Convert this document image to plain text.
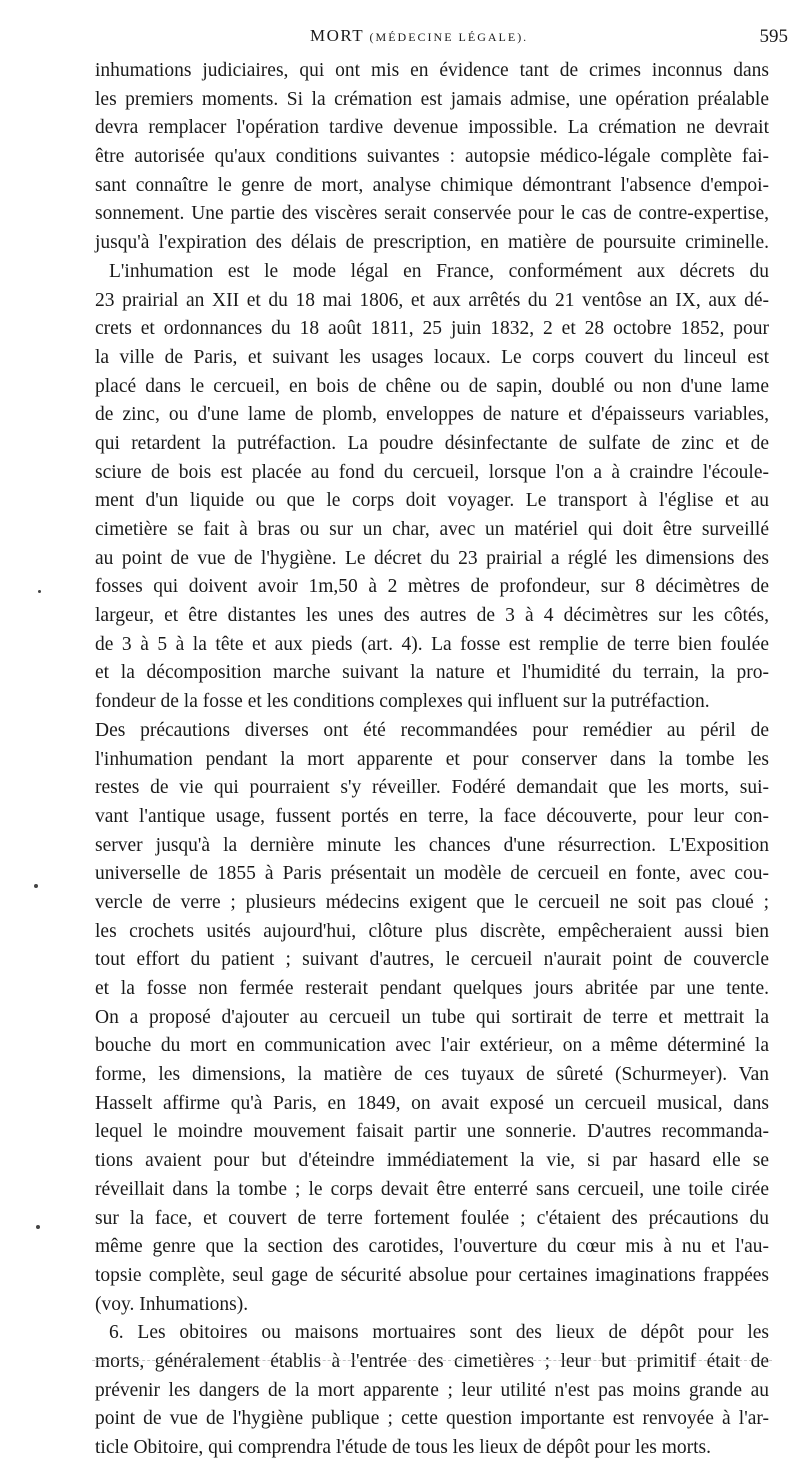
MORT (MÉDECINE LÉGALE).	595
inhumations judiciaires, qui ont mis en évidence tant de crimes inconnus dans
les premiers moments. Si la crémation est jamais admise, une opération préalable
devra remplacer l'opération tardive devenue impossible. La crémation ne devrait
être autorisée qu'aux conditions suivantes : autopsie médico-légale complète fai-
sant connaître le genre de mort, analyse chimique démontrant l'absence d'empoi-
sonnement. Une partie des viscères serait conservée pour le cas de contre-expertise,
jusqu'à l'expiration des délais de prescription, en matière de poursuite criminelle.
L'inhumation est le mode légal en France, conformément aux décrets du
23 prairial an XII et du 18 mai 1806, et aux arrêtés du 21 ventôse an IX, aux dé-
crets et ordonnances du 18 août 1811, 25 juin 1832, 2 et 28 octobre 1852, pour
la ville de Paris, et suivant les usages locaux. Le corps couvert du linceul est
placé dans le cercueil, en bois de chêne ou de sapin, doublé ou non d'une lame
de zinc, ou d'une lame de plomb, enveloppes de nature et d'épaisseurs variables,
qui retardent la putréfaction. La poudre désinfectante de sulfate de zinc et de
sciure de bois est placée au fond du cercueil, lorsque l'on a à craindre l'écoule-
ment d'un liquide ou que le corps doit voyager. Le transport à l'église et au
cimetière se fait à bras ou sur un char, avec un matériel qui doit être surveillé
au point de vue de l'hygiène. Le décret du 23 prairial a réglé les dimensions des
fosses qui doivent avoir 1m,50 à 2 mètres de profondeur, sur 8 décimètres de
largeur, et être distantes les unes des autres de 3 à 4 décimètres sur les côtés,
de 3 à 5 à la tête et aux pieds (art. 4). La fosse est remplie de terre bien foulée
et la décomposition marche suivant la nature et l'humidité du terrain, la pro-
fondeur de la fosse et les conditions complexes qui influent sur la putréfaction.
Des précautions diverses ont été recommandées pour remédier au péril de
l'inhumation pendant la mort apparente et pour conserver dans la tombe les
restes de vie qui pourraient s'y réveiller. Fodéré demandait que les morts, sui-
vant l'antique usage, fussent portés en terre, la face découverte, pour leur con-
server jusqu'à la dernière minute les chances d'une résurrection. L'Exposition
universelle de 1855 à Paris présentait un modèle de cercueil en fonte, avec cou-
vercle de verre ; plusieurs médecins exigent que le cercueil ne soit pas cloué ;
les crochets usités aujourd'hui, clôture plus discrète, empêcheraient aussi bien
tout effort du patient ; suivant d'autres, le cercueil n'aurait point de couvercle
et la fosse non fermée resterait pendant quelques jours abritée par une tente.
On a proposé d'ajouter au cercueil un tube qui sortirait de terre et mettrait la
bouche du mort en communication avec l'air extérieur, on a même déterminé la
forme, les dimensions, la matière de ces tuyaux de sûreté (Schurmeyer). Van
Hasselt affirme qu'à Paris, en 1849, on avait exposé un cercueil musical, dans
lequel le moindre mouvement faisait partir une sonnerie. D'autres recommanda-
tions avaient pour but d'éteindre immédiatement la vie, si par hasard elle se
réveillait dans la tombe ; le corps devait être enterré sans cercueil, une toile cirée
sur la face, et couvert de terre fortement foulée ; c'étaient des précautions du
même genre que la section des carotides, l'ouverture du cœur mis à nu et l'au-
topsie complète, seul gage de sécurité absolue pour certaines imaginations frappées
(voy. Inhumations).
6. Les obitoires ou maisons mortuaires sont des lieux de dépôt pour les
morts, généralement établis à l'entrée des cimetières ; leur but primitif était de
prévenir les dangers de la mort apparente ; leur utilité n'est pas moins grande au
point de vue de l'hygiène publique ; cette question importante est renvoyée à l'ar-
ticle Obitoire, qui comprendra l'étude de tous les lieux de dépôt pour les morts.
